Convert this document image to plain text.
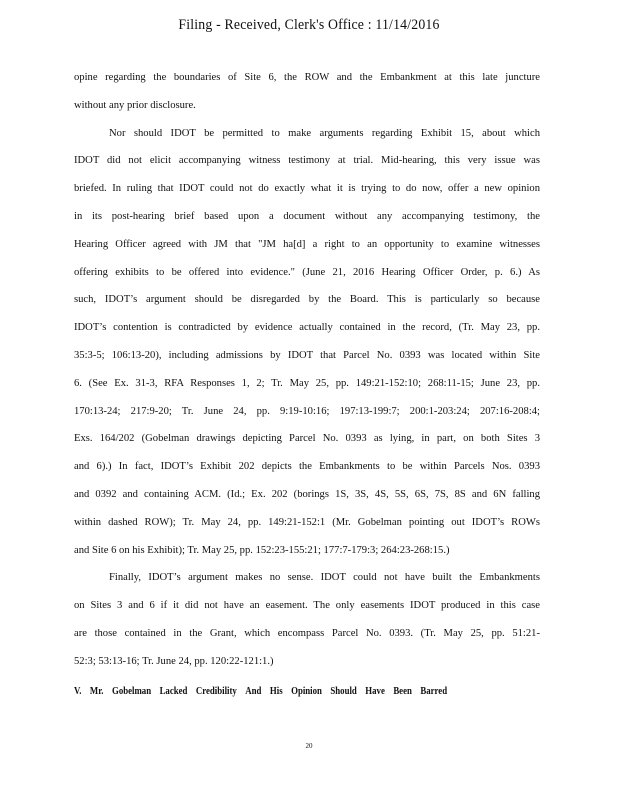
Filing - Received, Clerk's Office : 11/14/2016
opine regarding the boundaries of Site 6, the ROW and the Embankment at this late juncture
without any prior disclosure.
Nor should IDOT be permitted to make arguments regarding Exhibit 15, about which
IDOT did not elicit accompanying witness testimony at trial. Mid-hearing, this very issue was
briefed. In ruling that IDOT could not do exactly what it is trying to do now, offer a new opinion
in its post-hearing brief based upon a document without any accompanying testimony, the
Hearing Officer agreed with JM that "JM ha[d] a right to an opportunity to examine witnesses
offering exhibits to be offered into evidence." (June 21, 2016 Hearing Officer Order, p. 6.) As
such, IDOT’s argument should be disregarded by the Board. This is particularly so because
IDOT’s contention is contradicted by evidence actually contained in the record, (Tr. May 23, pp.
35:3-5; 106:13-20), including admissions by IDOT that Parcel No. 0393 was located within Site
6. (See Ex. 31-3, RFA Responses 1, 2; Tr. May 25, pp. 149:21-152:10; 268:11-15; June 23, pp.
170:13-24; 217:9-20; Tr. June 24, pp. 9:19-10:16; 197:13-199:7; 200:1-203:24; 207:16-208:4;
Exs. 164/202 (Gobelman drawings depicting Parcel No. 0393 as lying, in part, on both Sites 3
and 6).) In fact, IDOT’s Exhibit 202 depicts the Embankments to be within Parcels Nos. 0393
and 0392 and containing ACM. (Id.; Ex. 202 (borings 1S, 3S, 4S, 5S, 6S, 7S, 8S and 6N falling
within dashed ROW); Tr. May 24, pp. 149:21-152:1 (Mr. Gobelman pointing out IDOT’s ROWs
and Site 6 on his Exhibit); Tr. May 25, pp. 152:23-155:21; 177:7-179:3; 264:23-268:15.)
Finally, IDOT’s argument makes no sense. IDOT could not have built the Embankments
on Sites 3 and 6 if it did not have an easement. The only easements IDOT produced in this case
are those contained in the Grant, which encompass Parcel No. 0393. (Tr. May 25, pp. 51:21-
52:3; 53:13-16; Tr. June 24, pp. 120:22-121:1.)
V. Mr. Gobelman Lacked Credibility And His Opinion Should Have Been Barred
20
